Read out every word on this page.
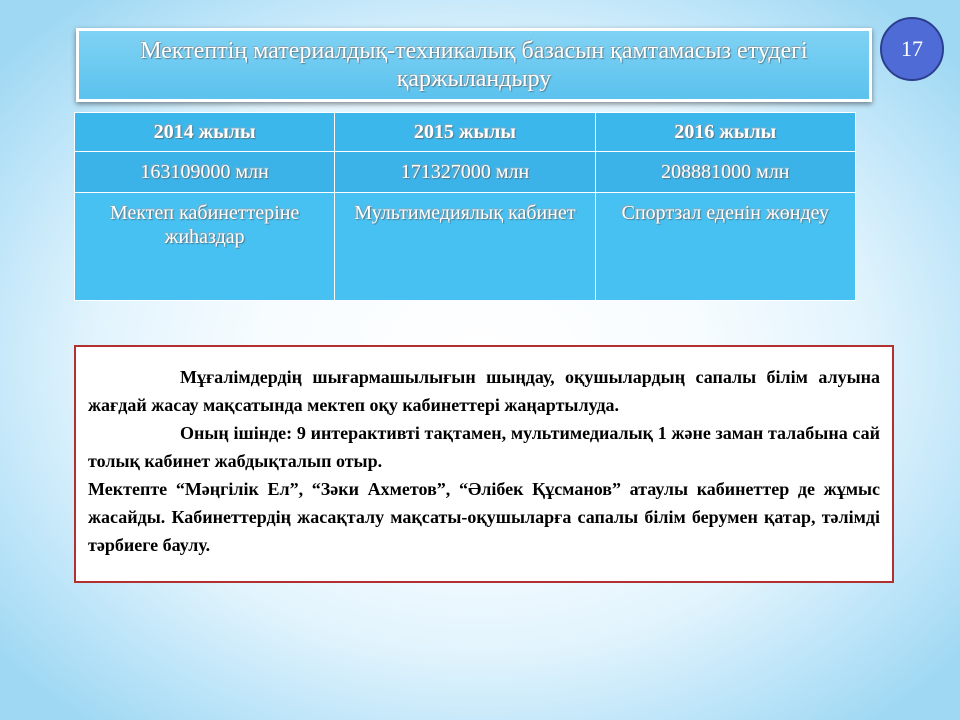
Мектептің материалдық-техникалық базасын қамтамасыз етудегі қаржыландыру
17
2014 жылы	2015 жылы	2016 жылы
163109000 млн	171327000 млн	208881000 млн
Мектеп кабинеттеріне жиһаздар	Мультимедиялық кабинет	Спортзал еденін жөндеу

Мұғалімдердің шығармашылығын шыңдау, оқушылардың сапалы білім алуына жағдай жасау мақсатында мектеп оқу кабинеттері жаңартылуда.

Оның ішінде: 9 интерактивті тақтамен, мультимедиалық 1 және заман талабына сай толық кабинет жабдықталып отыр.

Мектепте “Мәңгілік Ел”, “Зәки Ахметов”, “Әлібек Құсманов” атаулы кабинеттер де жұмыс жасайды. Кабинеттердің жасақталу мақсаты-оқушыларға сапалы білім берумен қатар, тәлімді тәрбиеге баулу.
